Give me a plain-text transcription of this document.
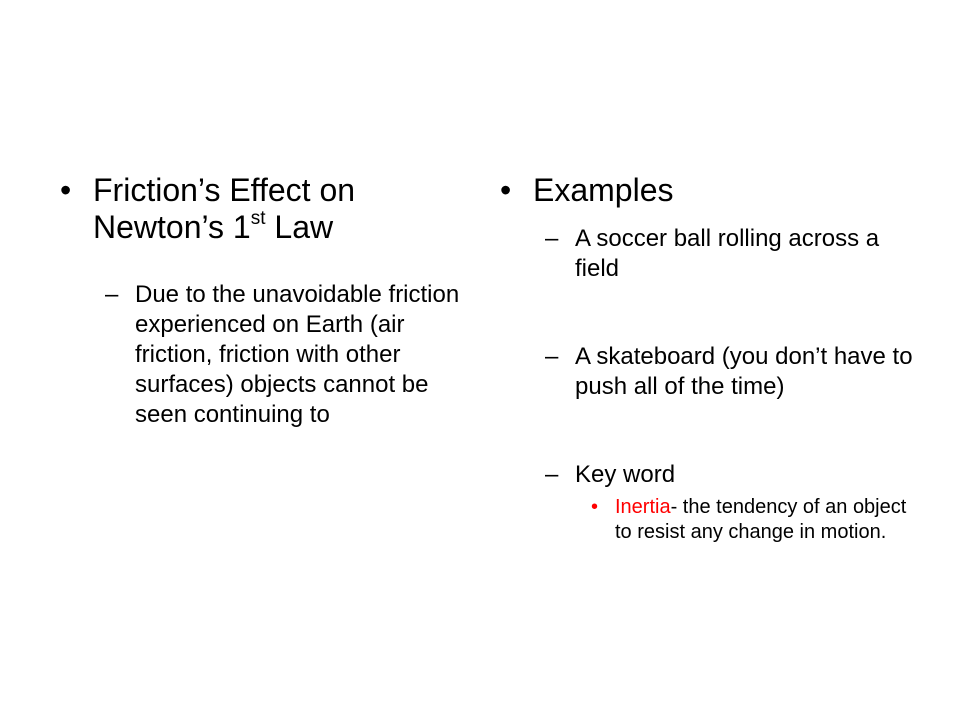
• Friction’s Effect on Newton’s 1st Law
– Due to the unavoidable friction experienced on Earth (air friction, friction with other surfaces) objects cannot be seen continuing to
• Examples
– A soccer ball rolling across a field
– A skateboard (you don’t have to push all of the time)
– Key word
• Inertia- the tendency of an object to resist any change in motion.
